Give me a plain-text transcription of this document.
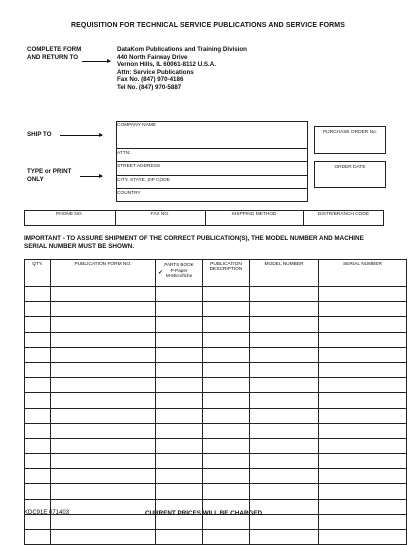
REQUISITION FOR TECHNICAL SERVICE PUBLICATIONS AND SERVICE FORMS
COMPLETE FORM
AND RETURN TO
DataKom Publications and Training Division
440 North Fairway Drive
Vernon Hills, IL 60061-8112 U.S.A.
Attn: Service Publications
Fax No. (847) 970-4186
Tel No. (847) 970-5887
SHIP TO
TYPE or PRINT
ONLY
COMPANY NAME
ATTN:
STREET ADDRESS
CITY, STATE, ZIP CODE
COUNTRY
PURCHASE ORDER No.
ORDER DATE
PHONE NO.	FAX NO.	SHIPPING METHOD	DISTR/BRANCH CODE
IMPORTANT - TO ASSURE SHIPMENT OF THE CORRECT PUBLICATION(S), THE MODEL NUMBER AND MACHINE SERIAL NUMBER MUST BE SHOWN.
QTY.	PUBLICATION FORM NO.	PARTS BOOK
✓ P-Paper
M-Microfiche	PUBLICATION DESCRIPTION	MODEL NUMBER	SERIAL NUMBER

KDC91E 071403	CURRENT PRICES WILL BE CHARGED
